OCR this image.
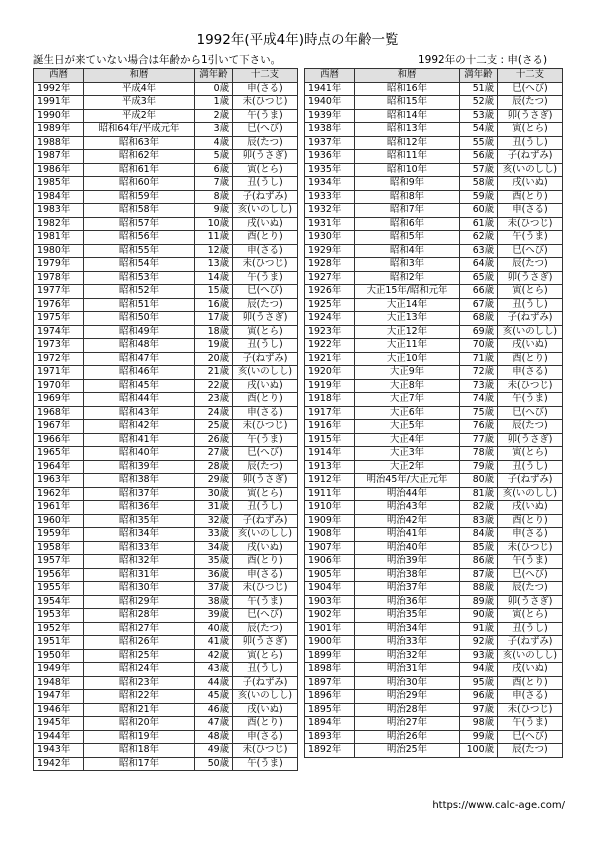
1992年(平成4年)時点の年齢一覧
誕生日が来ていない場合は年齢から1引いて下さい。	1992年の十二支 : 申(さる)
西暦	和暦	満年齢	十二支
1992年	平成4年	0歳	申(さる)
1991年	平成3年	1歳	未(ひつじ)
1990年	平成2年	2歳	午(うま)
1989年	昭和64年/平成元年	3歳	巳(へび)
1988年	昭和63年	4歳	辰(たつ)
1987年	昭和62年	5歳	卯(うさぎ)
1986年	昭和61年	6歳	寅(とら)
1985年	昭和60年	7歳	丑(うし)
1984年	昭和59年	8歳	子(ねずみ)
1983年	昭和58年	9歳	亥(いのしし)
1982年	昭和57年	10歳	戌(いぬ)
1981年	昭和56年	11歳	酉(とり)
1980年	昭和55年	12歳	申(さる)
1979年	昭和54年	13歳	未(ひつじ)
1978年	昭和53年	14歳	午(うま)
1977年	昭和52年	15歳	巳(へび)
1976年	昭和51年	16歳	辰(たつ)
1975年	昭和50年	17歳	卯(うさぎ)
1974年	昭和49年	18歳	寅(とら)
1973年	昭和48年	19歳	丑(うし)
1972年	昭和47年	20歳	子(ねずみ)
1971年	昭和46年	21歳	亥(いのしし)
1970年	昭和45年	22歳	戌(いぬ)
1969年	昭和44年	23歳	酉(とり)
1968年	昭和43年	24歳	申(さる)
1967年	昭和42年	25歳	未(ひつじ)
1966年	昭和41年	26歳	午(うま)
1965年	昭和40年	27歳	巳(へび)
1964年	昭和39年	28歳	辰(たつ)
1963年	昭和38年	29歳	卯(うさぎ)
1962年	昭和37年	30歳	寅(とら)
1961年	昭和36年	31歳	丑(うし)
1960年	昭和35年	32歳	子(ねずみ)
1959年	昭和34年	33歳	亥(いのしし)
1958年	昭和33年	34歳	戌(いぬ)
1957年	昭和32年	35歳	酉(とり)
1956年	昭和31年	36歳	申(さる)
1955年	昭和30年	37歳	未(ひつじ)
1954年	昭和29年	38歳	午(うま)
1953年	昭和28年	39歳	巳(へび)
1952年	昭和27年	40歳	辰(たつ)
1951年	昭和26年	41歳	卯(うさぎ)
1950年	昭和25年	42歳	寅(とら)
1949年	昭和24年	43歳	丑(うし)
1948年	昭和23年	44歳	子(ねずみ)
1947年	昭和22年	45歳	亥(いのしし)
1946年	昭和21年	46歳	戌(いぬ)
1945年	昭和20年	47歳	酉(とり)
1944年	昭和19年	48歳	申(さる)
1943年	昭和18年	49歳	未(ひつじ)
1942年	昭和17年	50歳	午(うま)
西暦	和暦	満年齢	十二支
1941年	昭和16年	51歳	巳(へび)
1940年	昭和15年	52歳	辰(たつ)
1939年	昭和14年	53歳	卯(うさぎ)
1938年	昭和13年	54歳	寅(とら)
1937年	昭和12年	55歳	丑(うし)
1936年	昭和11年	56歳	子(ねずみ)
1935年	昭和10年	57歳	亥(いのしし)
1934年	昭和9年	58歳	戌(いぬ)
1933年	昭和8年	59歳	酉(とり)
1932年	昭和7年	60歳	申(さる)
1931年	昭和6年	61歳	未(ひつじ)
1930年	昭和5年	62歳	午(うま)
1929年	昭和4年	63歳	巳(へび)
1928年	昭和3年	64歳	辰(たつ)
1927年	昭和2年	65歳	卯(うさぎ)
1926年	大正15年/昭和元年	66歳	寅(とら)
1925年	大正14年	67歳	丑(うし)
1924年	大正13年	68歳	子(ねずみ)
1923年	大正12年	69歳	亥(いのしし)
1922年	大正11年	70歳	戌(いぬ)
1921年	大正10年	71歳	酉(とり)
1920年	大正9年	72歳	申(さる)
1919年	大正8年	73歳	未(ひつじ)
1918年	大正7年	74歳	午(うま)
1917年	大正6年	75歳	巳(へび)
1916年	大正5年	76歳	辰(たつ)
1915年	大正4年	77歳	卯(うさぎ)
1914年	大正3年	78歳	寅(とら)
1913年	大正2年	79歳	丑(うし)
1912年	明治45年/大正元年	80歳	子(ねずみ)
1911年	明治44年	81歳	亥(いのしし)
1910年	明治43年	82歳	戌(いぬ)
1909年	明治42年	83歳	酉(とり)
1908年	明治41年	84歳	申(さる)
1907年	明治40年	85歳	未(ひつじ)
1906年	明治39年	86歳	午(うま)
1905年	明治38年	87歳	巳(へび)
1904年	明治37年	88歳	辰(たつ)
1903年	明治36年	89歳	卯(うさぎ)
1902年	明治35年	90歳	寅(とら)
1901年	明治34年	91歳	丑(うし)
1900年	明治33年	92歳	子(ねずみ)
1899年	明治32年	93歳	亥(いのしし)
1898年	明治31年	94歳	戌(いぬ)
1897年	明治30年	95歳	酉(とり)
1896年	明治29年	96歳	申(さる)
1895年	明治28年	97歳	未(ひつじ)
1894年	明治27年	98歳	午(うま)
1893年	明治26年	99歳	巳(へび)
1892年	明治25年	100歳	辰(たつ)
https://www.calc-age.com/
